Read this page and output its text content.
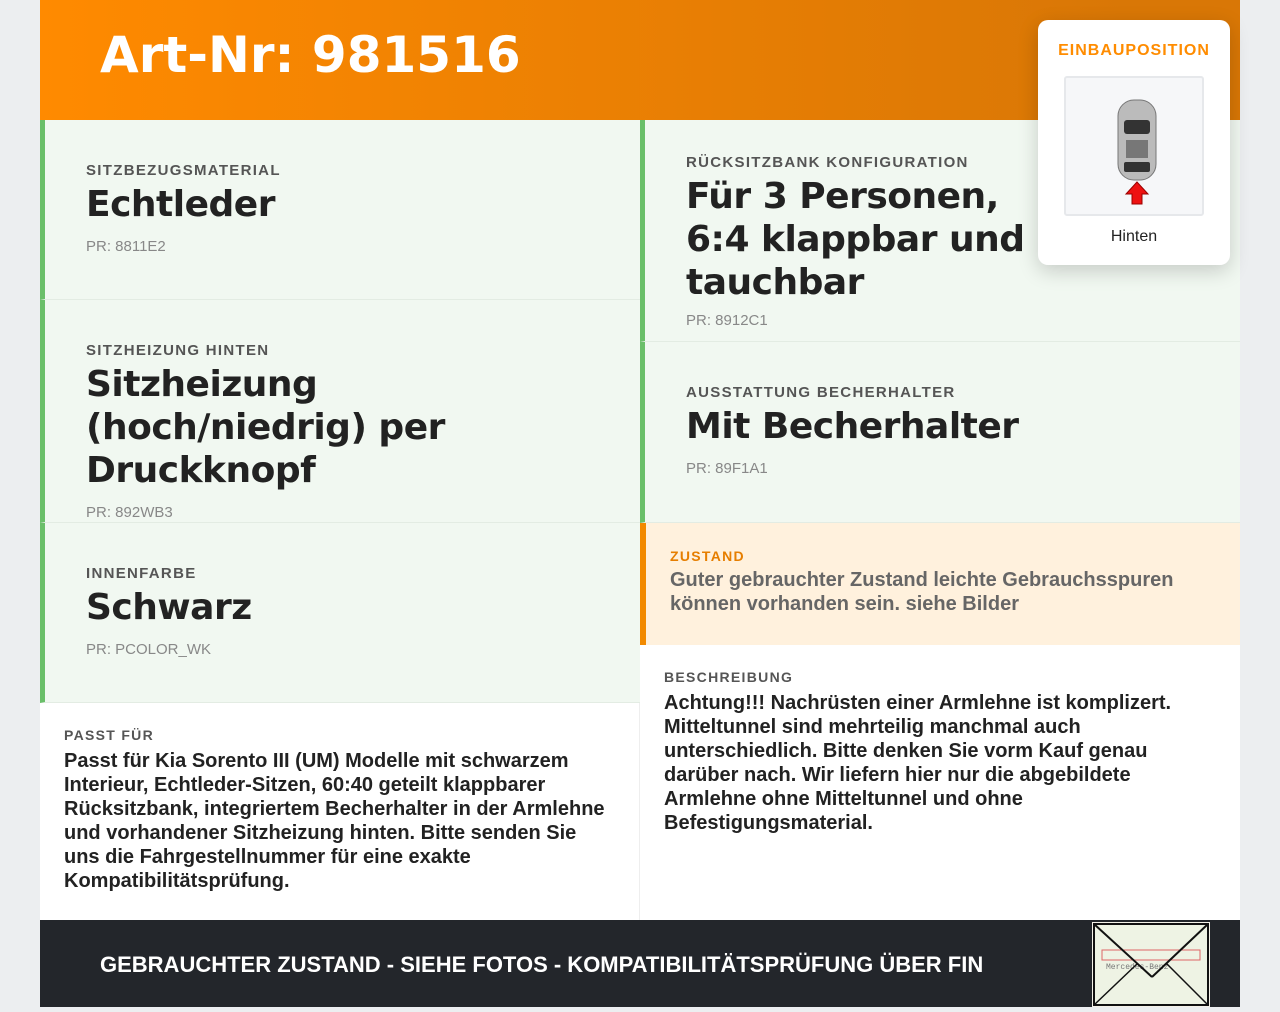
Art-Nr: 981516
SITZBEZUGSMATERIAL
Echtleder
PR: 8811E2
SITZHEIZUNG HINTEN
Sitzheizung (hoch/niedrig) per Druckknopf
PR: 892WB3
INNENFARBE
Schwarz
PR: PCOLOR_WK
RÜCKSITZBANK KONFIGURATION
Für 3 Personen, 6:4 klappbar und tauchbar
PR: 8912C1
AUSSTATTUNG BECHERHALTER
Mit Becherhalter
PR: 89F1A1
ZUSTAND
Guter gebrauchter Zustand leichte Gebrauchsspuren können vorhanden sein. siehe Bilder
PASST FÜR
Passt für Kia Sorento III (UM) Modelle mit schwarzem Interieur, Echtleder-Sitzen, 60:40 geteilt klappbarer Rücksitzbank, integriertem Becherhalter in der Armlehne und vorhandener Sitzheizung hinten. Bitte senden Sie uns die Fahrgestellnummer für eine exakte Kompatibilitätsprüfung.
BESCHREIBUNG
Achtung!!! Nachrüsten einer Armlehne ist komplizert. Mitteltunnel sind mehrteilig manchmal auch unterschiedlich. Bitte denken Sie vorm Kauf genau darüber nach. Wir liefern hier nur die abgebildete Armlehne ohne Mitteltunnel und ohne Befestigungsmaterial.
GEBRAUCHTER ZUSTAND - SIEHE FOTOS - KOMPATIBILITÄTSPRÜFUNG ÜBER FIN	Mercedes-Benz
EINBAUPOSITION
Hinten
